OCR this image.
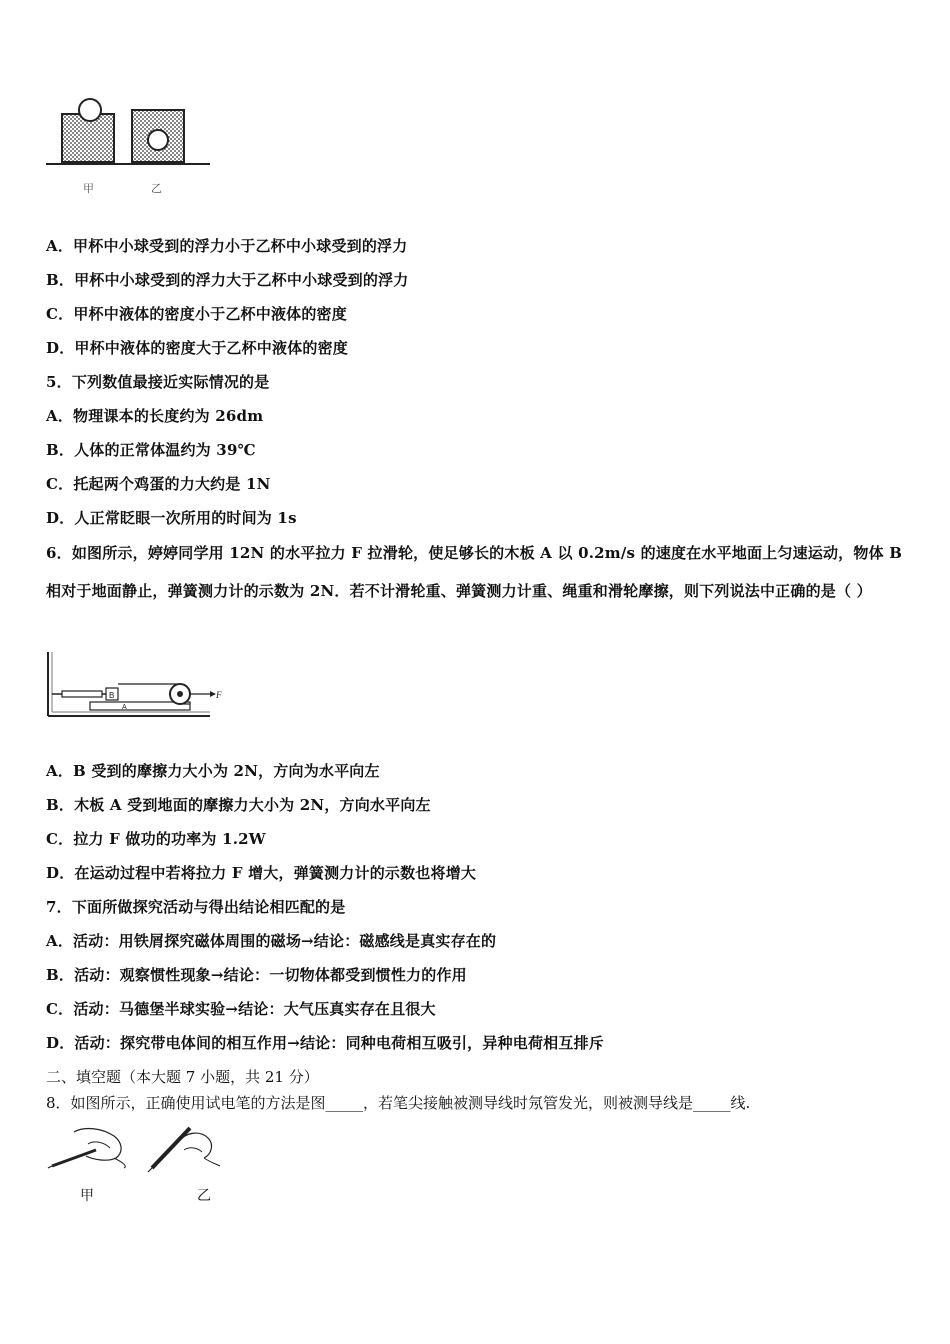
甲	乙
A．甲杯中小球受到的浮力小于乙杯中小球受到的浮力
B．甲杯中小球受到的浮力大于乙杯中小球受到的浮力
C．甲杯中液体的密度小于乙杯中液体的密度
D．甲杯中液体的密度大于乙杯中液体的密度
5．下列数值最接近实际情况的是
A．物理课本的长度约为 26dm
B．人体的正常体温约为 39℃
C．托起两个鸡蛋的力大约是 1N
D．人正常眨眼一次所用的时间为 1s
6．如图所示，婷婷同学用 12N 的水平拉力 F 拉滑轮，使足够长的木板 A 以 0.2m/s 的速度在水平地面上匀速运动，物体 B 相对于地面静止，弹簧测力计的示数为 2N．若不计滑轮重、弹簧测力计重、绳重和滑轮摩擦，则下列说法中正确的是（ ）
B
A
F
A．B 受到的摩擦力大小为 2N，方向为水平向左
B．木板 A 受到地面的摩擦力大小为 2N，方向水平向左
C．拉力 F 做功的功率为 1.2W
D．在运动过程中若将拉力 F 增大，弹簧测力计的示数也将增大
7．下面所做探究活动与得出结论相匹配的是
A．活动：用铁屑探究磁体周围的磁场→结论：磁感线是真实存在的
B．活动：观察惯性现象→结论：一切物体都受到惯性力的作用
C．活动：马德堡半球实验→结论：大气压真实存在且很大
D．活动：探究带电体间的相互作用→结论：同种电荷相互吸引，异种电荷相互排斥
二、填空题（本大题 7 小题，共 21 分）
8．如图所示，正确使用试电笔的方法是图_____，若笔尖接触被测导线时氖管发光，则被测导线是_____线.
甲	乙
